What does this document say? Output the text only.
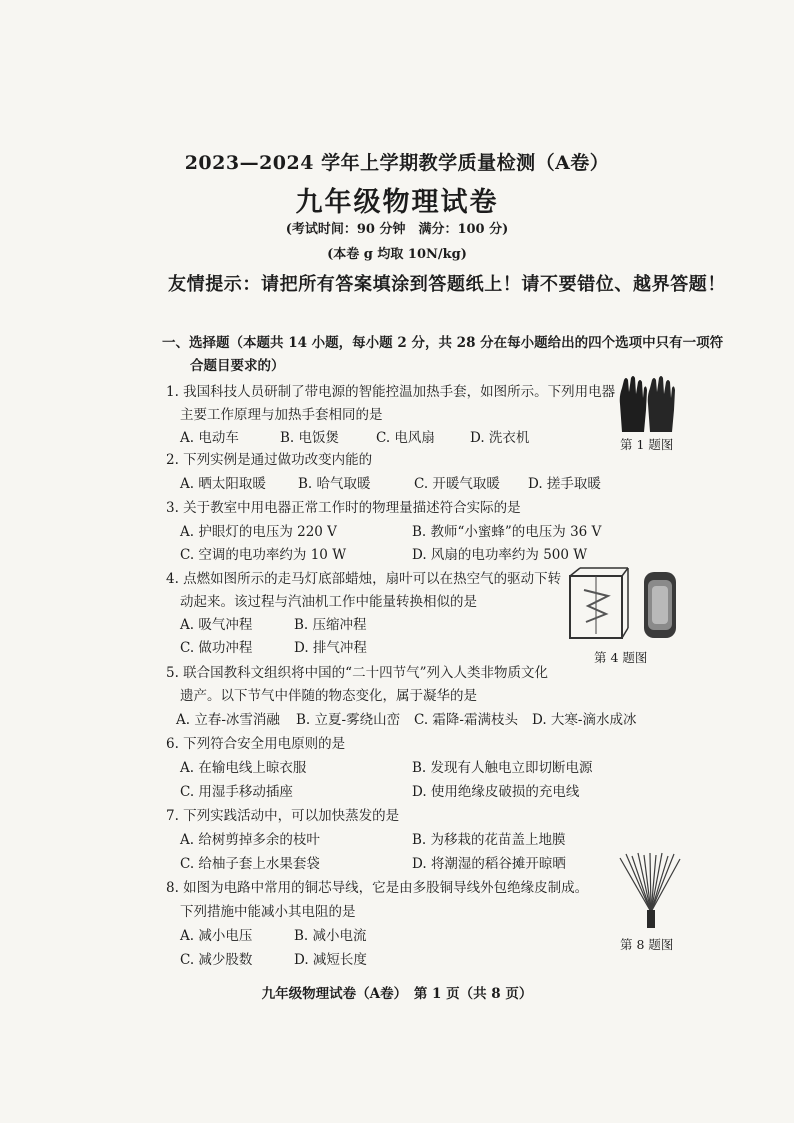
2023—2024 学年上学期教学质量检测（A卷）
九年级物理试卷
(考试时间：90 分钟　满分：100 分)
(本卷 g 均取 10N/kg)
友情提示：请把所有答案填涂到答题纸上！请不要错位、越界答题！
一、选择题（本题共 14 小题，每小题 2 分，共 28 分在每小题给出的四个选项中只有一项符
合题目要求的）
1. 我国科技人员研制了带电源的智能控温加热手套，如图所示。下列用电器
主要工作原理与加热手套相同的是
A. 电动车	B. 电饭煲	C. 电风扇	D. 洗衣机	第 1 题图
2. 下列实例是通过做功改变内能的
A. 晒太阳取暖 B. 哈气取暖	C. 开暖气取暖 D. 搓手取暖
3. 关于教室中用电器正常工作时的物理量描述符合实际的是
A. 护眼灯的电压为 220 V	B. 教师“小蜜蜂”的电压为 36 V
C. 空调的电功率约为 10 W	D. 风扇的电功率约为 500 W
4. 点燃如图所示的走马灯底部蜡烛，扇叶可以在热空气的驱动下转
动起来。该过程与汽油机工作中能量转换相似的是
A. 吸气冲程	B. 压缩冲程
C. 做功冲程	D. 排气冲程
第 4 题图
5. 联合国教科文组织将中国的“二十四节气”列入人类非物质文化
遗产。以下节气中伴随的物态变化，属于凝华的是
A. 立春-冰雪消融 B. 立夏-雾绕山峦 C. 霜降-霜满枝头 D. 大寒-滴水成冰
6. 下列符合安全用电原则的是
A. 在输电线上晾衣服	B. 发现有人触电立即切断电源
C. 用湿手移动插座	D. 使用绝缘皮破损的充电线
7. 下列实践活动中，可以加快蒸发的是
A. 给树剪掉多余的枝叶	B. 为移栽的花苗盖上地膜
C. 给柚子套上水果套袋	D. 将潮湿的稻谷摊开晾晒
8. 如图为电路中常用的铜芯导线，它是由多股铜导线外包绝缘皮制成。
下列措施中能减小其电阻的是
A. 减小电压	B. 减小电流
C. 减少股数	D. 减短长度
第 8 题图
九年级物理试卷（A卷）　第 1 页（共 8 页）
